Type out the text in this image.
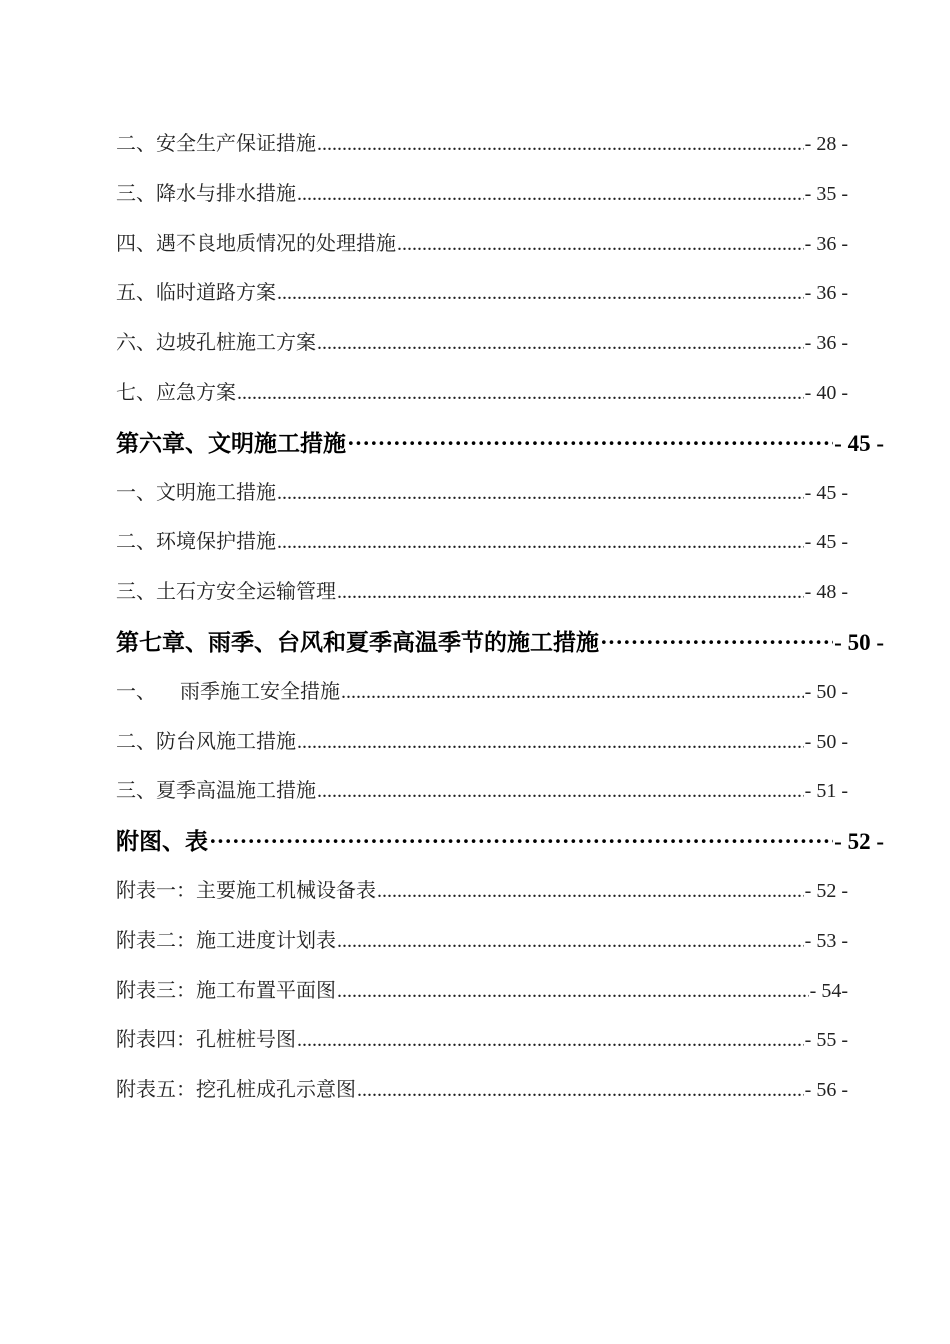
二、安全生产保证措施 .....	- 28 -
三、降水与排水措施 .....	- 35 -
四、遇不良地质情况的处理措施 .....	- 36 -
五、临时道路方案 .....	- 36 -
六、边坡孔桩施工方案 .....	- 36 -
七、应急方案 .....	- 40 -
第六章、文明施工措施 ·····	- 45 -
一、文明施工措施 .....	- 45 -
二、环境保护措施 .....	- 45 -
三、土石方安全运输管理 .....	- 48 -
第七章、雨季、台风和夏季高温季节的施工措施 ·····	- 50 -
一、 雨季施工安全措施 .....	- 50 -
二、防台风施工措施 .....	- 50 -
三、夏季高温施工措施 .....	- 51 -
附图、表 ·····	- 52 -
附表一：主要施工机械设备表 .....	- 52 -
附表二：施工进度计划表 .....	- 53 -
附表三：施工布置平面图 .....	- 54-
附表四：孔桩桩号图 .....	- 55 -
附表五：挖孔桩成孔示意图 .....	- 56 -
